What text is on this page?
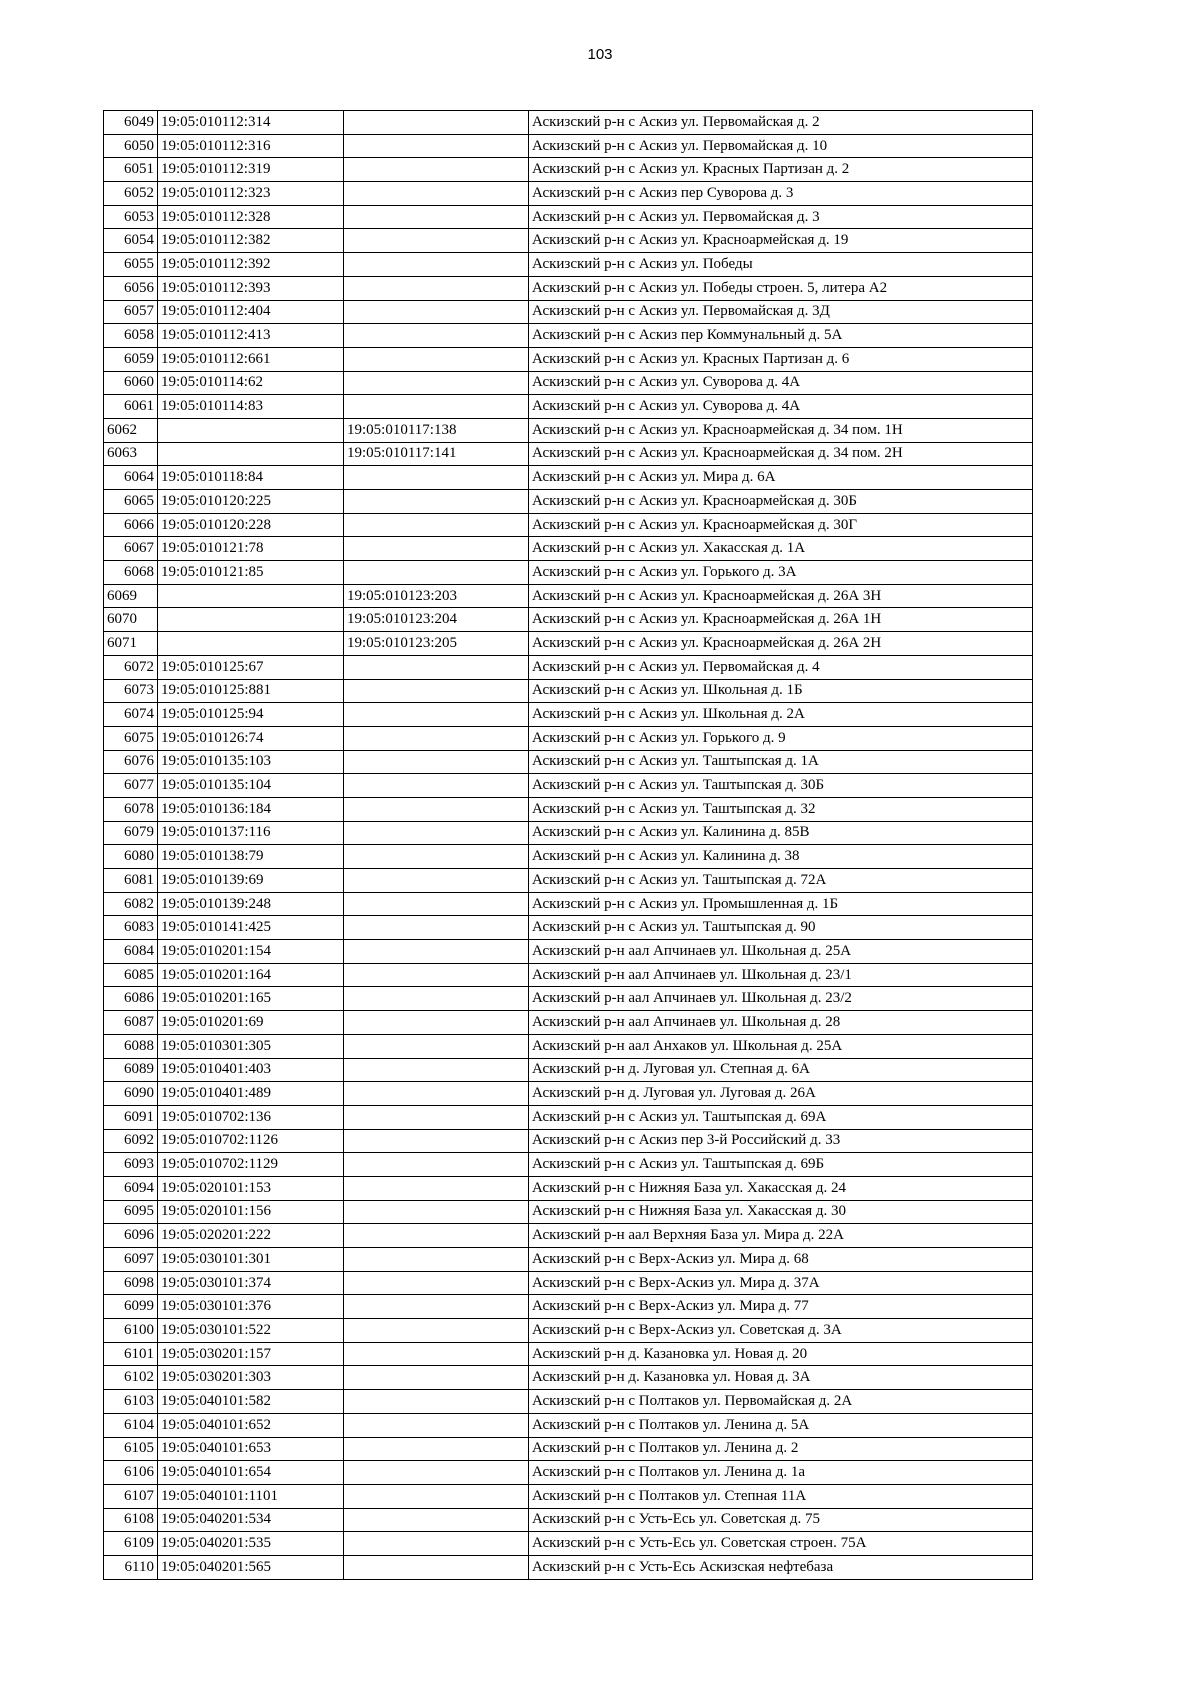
103
6049	19:05:010112:314		Аскизский р-н с Аскиз ул. Первомайская д. 2
6050	19:05:010112:316		Аскизский р-н с Аскиз ул. Первомайская д. 10
6051	19:05:010112:319		Аскизский р-н с Аскиз ул. Красных Партизан д. 2
6052	19:05:010112:323		Аскизский р-н с Аскиз пер Суворова д. 3
6053	19:05:010112:328		Аскизский р-н с Аскиз ул. Первомайская д. 3
6054	19:05:010112:382		Аскизский р-н с Аскиз ул. Красноармейская д. 19
6055	19:05:010112:392		Аскизский р-н с Аскиз ул. Победы
6056	19:05:010112:393		Аскизский р-н с Аскиз ул. Победы строен. 5, литера А2
6057	19:05:010112:404		Аскизский р-н с Аскиз ул. Первомайская д. 3Д
6058	19:05:010112:413		Аскизский р-н с Аскиз пер Коммунальный д. 5А
6059	19:05:010112:661		Аскизский р-н с Аскиз ул. Красных Партизан д. 6
6060	19:05:010114:62		Аскизский р-н с Аскиз ул. Суворова д. 4А
6061	19:05:010114:83		Аскизский р-н с Аскиз ул. Суворова д. 4А
6062		19:05:010117:138	Аскизский р-н с Аскиз ул. Красноармейская д. 34 пом. 1Н
6063		19:05:010117:141	Аскизский р-н с Аскиз ул. Красноармейская д. 34 пом. 2Н
6064	19:05:010118:84		Аскизский р-н с Аскиз ул. Мира д. 6А
6065	19:05:010120:225		Аскизский р-н с Аскиз ул. Красноармейская д. 30Б
6066	19:05:010120:228		Аскизский р-н с Аскиз ул. Красноармейская д. 30Г
6067	19:05:010121:78		Аскизский р-н с Аскиз ул. Хакасская д. 1А
6068	19:05:010121:85		Аскизский р-н с Аскиз ул. Горького д. 3А
6069		19:05:010123:203	Аскизский р-н с Аскиз ул. Красноармейская д. 26А 3Н
6070		19:05:010123:204	Аскизский р-н с Аскиз ул. Красноармейская д. 26А 1Н
6071		19:05:010123:205	Аскизский р-н с Аскиз ул. Красноармейская д. 26А 2Н
6072	19:05:010125:67		Аскизский р-н с Аскиз ул. Первомайская д. 4
6073	19:05:010125:881		Аскизский р-н с Аскиз ул. Школьная д. 1Б
6074	19:05:010125:94		Аскизский р-н с Аскиз ул. Школьная д. 2А
6075	19:05:010126:74		Аскизский р-н с Аскиз ул. Горького д. 9
6076	19:05:010135:103		Аскизский р-н с Аскиз ул. Таштыпская д. 1А
6077	19:05:010135:104		Аскизский р-н с Аскиз ул. Таштыпская д. 30Б
6078	19:05:010136:184		Аскизский р-н с Аскиз ул. Таштыпская д. 32
6079	19:05:010137:116		Аскизский р-н с Аскиз ул. Калинина д. 85В
6080	19:05:010138:79		Аскизский р-н с Аскиз ул. Калинина д. 38
6081	19:05:010139:69		Аскизский р-н с Аскиз ул. Таштыпская д. 72А
6082	19:05:010139:248		Аскизский р-н с Аскиз ул. Промышленная д. 1Б
6083	19:05:010141:425		Аскизский р-н с Аскиз ул. Таштыпская д. 90
6084	19:05:010201:154		Аскизский р-н аал Апчинаев ул. Школьная д. 25А
6085	19:05:010201:164		Аскизский р-н аал Апчинаев ул. Школьная д. 23/1
6086	19:05:010201:165		Аскизский р-н аал Апчинаев ул. Школьная д. 23/2
6087	19:05:010201:69		Аскизский р-н аал Апчинаев ул. Школьная д. 28
6088	19:05:010301:305		Аскизский р-н аал Анхаков ул. Школьная д. 25А
6089	19:05:010401:403		Аскизский р-н д. Луговая ул. Степная д. 6А
6090	19:05:010401:489		Аскизский р-н д. Луговая ул. Луговая д. 26А
6091	19:05:010702:136		Аскизский р-н с Аскиз ул. Таштыпская д. 69А
6092	19:05:010702:1126		Аскизский р-н с Аскиз пер 3-й Российский д. 33
6093	19:05:010702:1129		Аскизский р-н с Аскиз ул. Таштыпская д. 69Б
6094	19:05:020101:153		Аскизский р-н с Нижняя База ул. Хакасская д. 24
6095	19:05:020101:156		Аскизский р-н с Нижняя База ул. Хакасская д. 30
6096	19:05:020201:222		Аскизский р-н аал Верхняя База ул. Мира д. 22А
6097	19:05:030101:301		Аскизский р-н с Верх-Аскиз ул. Мира д. 68
6098	19:05:030101:374		Аскизский р-н с Верх-Аскиз ул. Мира д. 37А
6099	19:05:030101:376		Аскизский р-н с Верх-Аскиз ул. Мира д. 77
6100	19:05:030101:522		Аскизский р-н с Верх-Аскиз ул. Советская д. 3А
6101	19:05:030201:157		Аскизский р-н д. Казановка ул. Новая д. 20
6102	19:05:030201:303		Аскизский р-н д. Казановка ул. Новая д. 3А
6103	19:05:040101:582		Аскизский р-н с Полтаков ул. Первомайская д. 2А
6104	19:05:040101:652		Аскизский р-н с Полтаков ул. Ленина д. 5А
6105	19:05:040101:653		Аскизский р-н с Полтаков ул. Ленина д. 2
6106	19:05:040101:654		Аскизский р-н с Полтаков ул. Ленина д. 1а
6107	19:05:040101:1101		Аскизский р-н с Полтаков ул. Степная 11А
6108	19:05:040201:534		Аскизский р-н с Усть-Есь ул. Советская д. 75
6109	19:05:040201:535		Аскизский р-н с Усть-Есь ул. Советская строен. 75А
6110	19:05:040201:565		Аскизский р-н с Усть-Есь Аскизская нефтебаза
